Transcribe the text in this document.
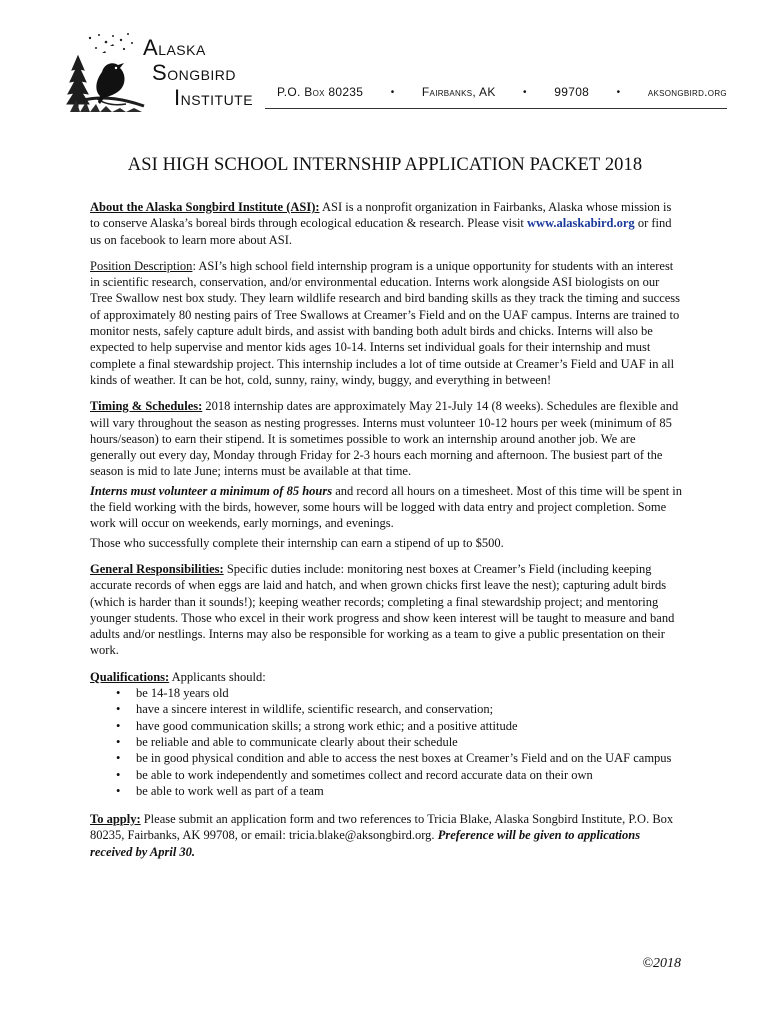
ALASKA
SONGBIRD
INSTITUTE P.O. Box 80235	• Fairbanks, AK	• 99708	• aksongbird.org
ASI HIGH SCHOOL INTERNSHIP APPLICATION PACKET 2018

About the Alaska Songbird Institute (ASI): ASI is a nonprofit organization in Fairbanks, Alaska whose mission is to conserve Alaska’s boreal birds through ecological education & research. Please visit www.alaskabird.org or find us on facebook to learn more about ASI.

Position Description: ASI’s high school field internship program is a unique opportunity for students with an interest in scientific research, conservation, and/or environmental education. Interns work alongside ASI biologists on our Tree Swallow nest box study. They learn wildlife research and bird banding skills as they track the timing and success of approximately 80 nesting pairs of Tree Swallows at Creamer’s Field and on the UAF campus. Interns are trained to monitor nests, safely capture adult birds, and assist with banding both adult birds and chicks. Interns will also be expected to help supervise and mentor kids ages 10-14. Interns set individual goals for their internship and must complete a final stewardship project. This internship includes a lot of time outside at Creamer’s Field and UAF in all kinds of weather. It can be hot, cold, sunny, rainy, windy, buggy, and everything in between!

Timing & Schedules: 2018 internship dates are approximately May 21-July 14 (8 weeks). Schedules are flexible and will vary throughout the season as nesting progresses. Interns must volunteer 10-12 hours per week (minimum of 85 hours/season) to earn their stipend. It is sometimes possible to work an internship around another job. We are generally out every day, Monday through Friday for 2-3 hours each morning and afternoon. The busiest part of the season is mid to late June; interns must be available at that time.

Interns must volunteer a minimum of 85 hours and record all hours on a timesheet. Most of this time will be spent in the field working with the birds, however, some hours will be logged with data entry and project completion. Some work will occur on weekends, early mornings, and evenings.

Those who successfully complete their internship can earn a stipend of up to $500.

General Responsibilities: Specific duties include: monitoring nest boxes at Creamer’s Field (including keeping accurate records of when eggs are laid and hatch, and when grown chicks first leave the nest); capturing adult birds (which is harder than it sounds!); keeping weather records; completing a final stewardship project; and mentoring younger students. Those who excel in their work progress and show keen interest will be taught to measure and band adults and/or nestlings. Interns may also be responsible for working as a team to give a public presentation on their work.

Qualifications: Applicants should:

• be 14-18 years old
• have a sincere interest in wildlife, scientific research, and conservation;
• have good communication skills; a strong work ethic; and a positive attitude
• be reliable and able to communicate clearly about their schedule
• be in good physical condition and able to access the nest boxes at Creamer’s Field and on the UAF campus
• be able to work independently and sometimes collect and record accurate data on their own
• be able to work well as part of a team

To apply: Please submit an application form and two references to Tricia Blake, Alaska Songbird Institute, P.O. Box 80235, Fairbanks, AK 99708, or email: tricia.blake@aksongbird.org. Preference will be given to applications received by April 30.

©2018
